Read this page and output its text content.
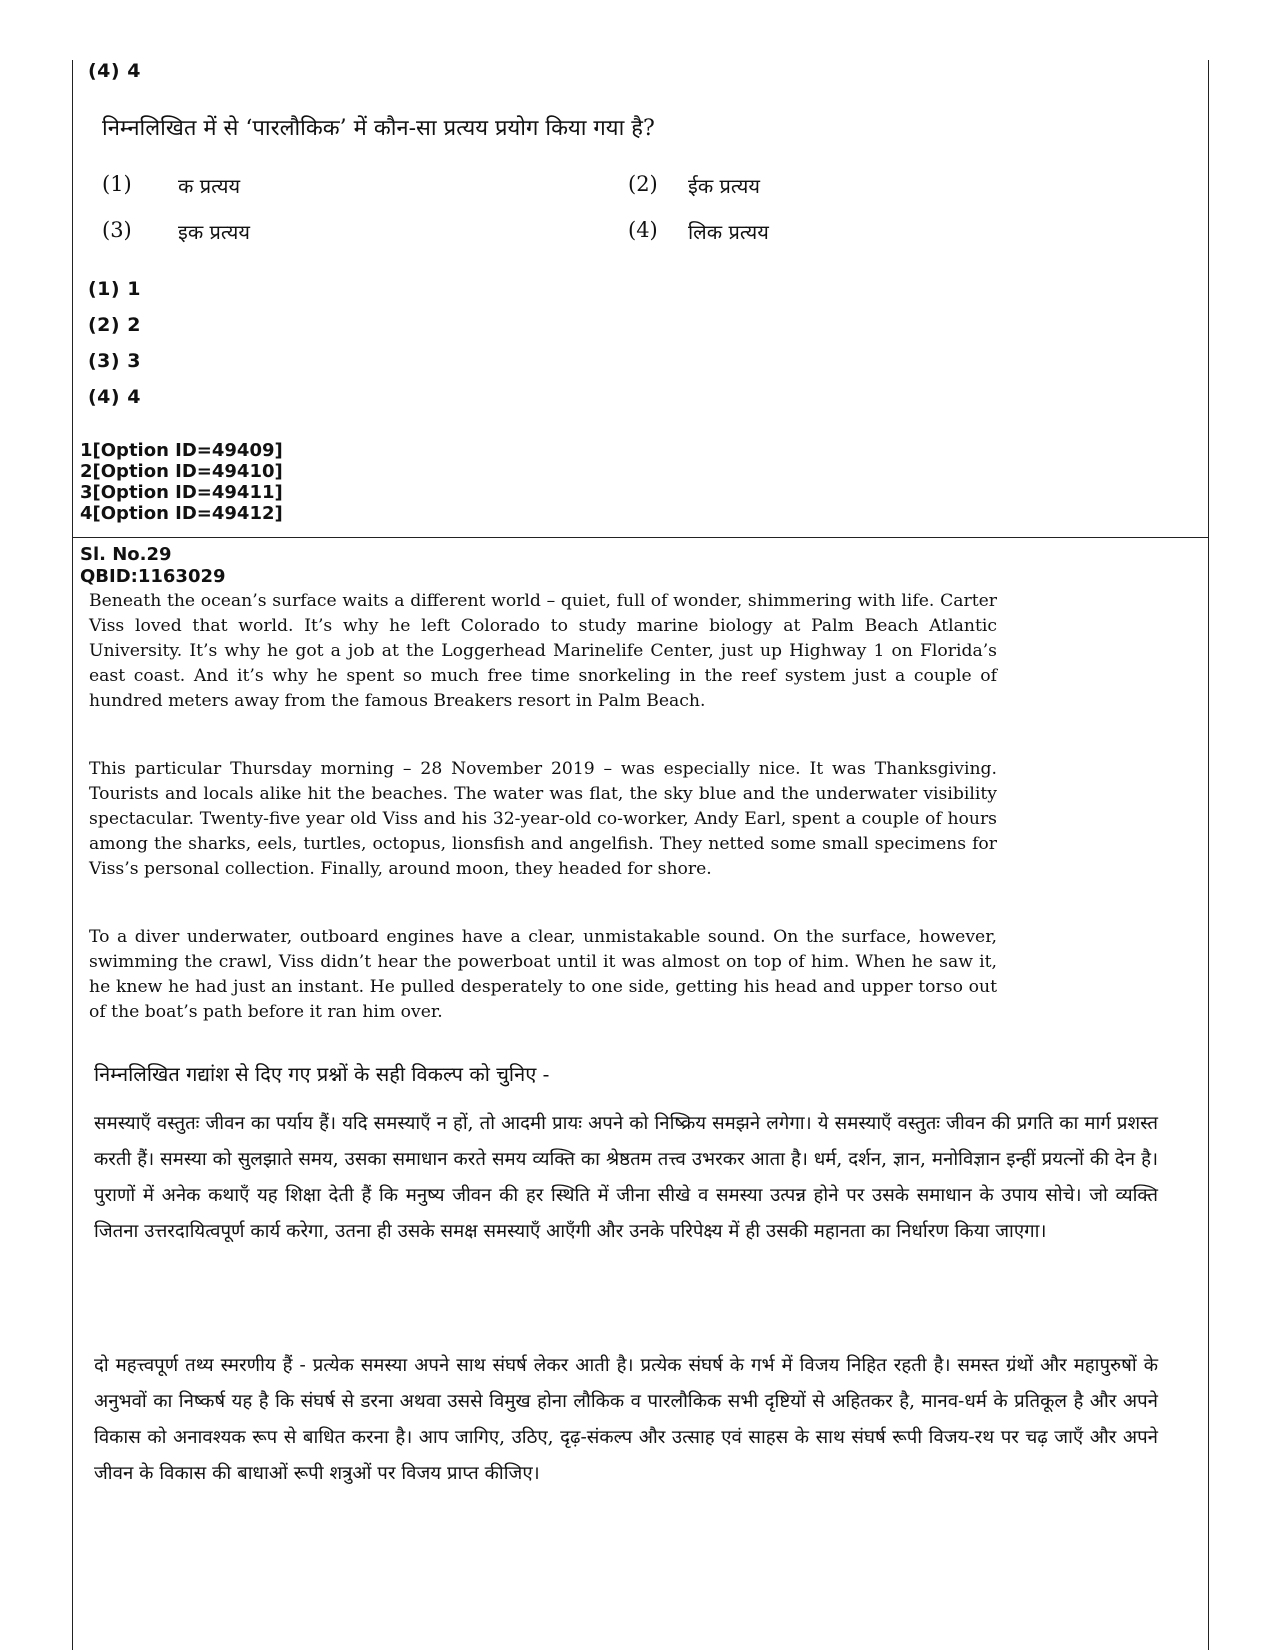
(4) 4
निम्नलिखित में से ‘पारलौकिक’ में कौन-सा प्रत्यय प्रयोग किया गया है?
(1) क प्रत्यय	(2) ईक प्रत्यय
(3) इक प्रत्यय	(4) लिक प्रत्यय
(1) 1
(2) 2
(3) 3
(4) 4
1[Option ID=49409]
2[Option ID=49410]
3[Option ID=49411]
4[Option ID=49412]
Sl. No.29
QBID:1163029

Beneath the ocean’s surface waits a different world – quiet, full of wonder, shimmering with life. Carter Viss loved that world. It’s why he left Colorado to study marine biology at Palm Beach Atlantic University. It’s why he got a job at the Loggerhead Marinelife Center, just up Highway 1 on Florida’s east coast. And it’s why he spent so much free time snorkeling in the reef system just a couple of hundred meters away from the famous Breakers resort in Palm Beach.

This particular Thursday morning – 28 November 2019 – was especially nice. It was Thanksgiving. Tourists and locals alike hit the beaches. The water was flat, the sky blue and the underwater visibility spectacular. Twenty-five year old Viss and his 32-year-old co-worker, Andy Earl, spent a couple of hours among the sharks, eels, turtles, octopus, lionsfish and angelfish. They netted some small specimens for Viss’s personal collection. Finally, around moon, they headed for shore.

To a diver underwater, outboard engines have a clear, unmistakable sound. On the surface, however, swimming the crawl, Viss didn’t hear the powerboat until it was almost on top of him. When he saw it, he knew he had just an instant. He pulled desperately to one side, getting his head and upper torso out of the boat’s path before it ran him over.

निम्नलिखित गद्यांश से दिए गए प्रश्नों के सही विकल्प को चुनिए -

समस्याएँ वस्तुतः जीवन का पर्याय हैं। यदि समस्याएँ न हों, तो आदमी प्रायः अपने को निष्क्रिय समझने लगेगा। ये समस्याएँ वस्तुतः जीवन की प्रगति का मार्ग प्रशस्त करती हैं। समस्या को सुलझाते समय, उसका समाधान करते समय व्यक्ति का श्रेष्ठतम तत्त्व उभरकर आता है। धर्म, दर्शन, ज्ञान, मनोविज्ञान इन्हीं प्रयत्नों की देन है। पुराणों में अनेक कथाएँ यह शिक्षा देती हैं कि मनुष्य जीवन की हर स्थिति में जीना सीखे व समस्या उत्पन्न होने पर उसके समाधान के उपाय सोचे। जो व्यक्ति जितना उत्तरदायित्वपूर्ण कार्य करेगा, उतना ही उसके समक्ष समस्याएँ आएँगी और उनके परिपेक्ष्य में ही उसकी महानता का निर्धारण किया जाएगा।

दो महत्त्वपूर्ण तथ्य स्मरणीय हैं - प्रत्येक समस्या अपने साथ संघर्ष लेकर आती है। प्रत्येक संघर्ष के गर्भ में विजय निहित रहती है। समस्त ग्रंथों और महापुरुषों के अनुभवों का निष्कर्ष यह है कि संघर्ष से डरना अथवा उससे विमुख होना लौकिक व पारलौकिक सभी दृष्टियों से अहितकर है, मानव-धर्म के प्रतिकूल है और अपने विकास को अनावश्यक रूप से बाधित करना है। आप जागिए, उठिए, दृढ़-संकल्प और उत्साह एवं साहस के साथ संघर्ष रूपी विजय-रथ पर चढ़ जाएँ और अपने जीवन के विकास की बाधाओं रूपी शत्रुओं पर विजय प्राप्त कीजिए।
